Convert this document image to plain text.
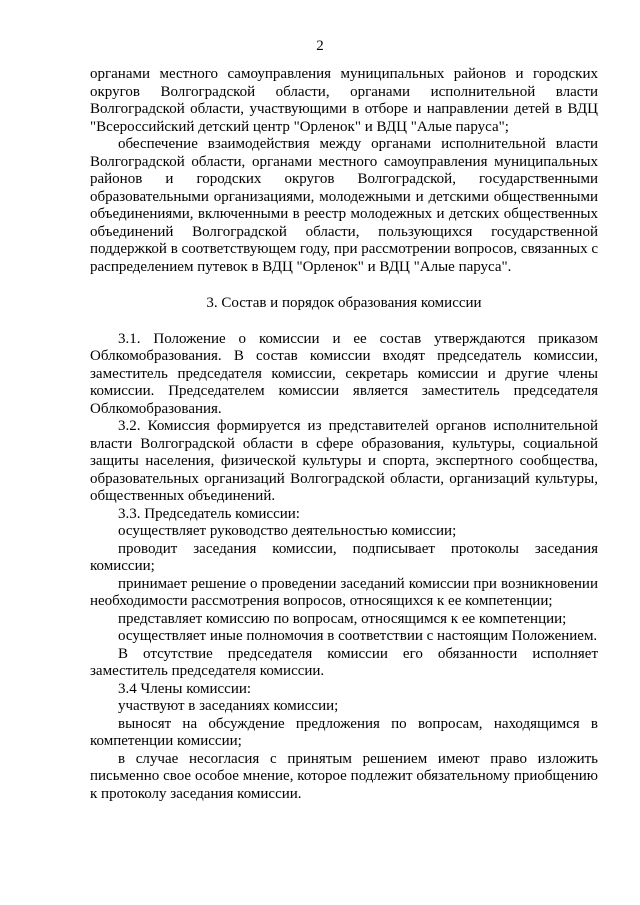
2

органами местного самоуправления муниципальных районов и городских округов Волгоградской области, органами исполнительной власти Волгоградской области, участвующими в отборе и направлении детей в ВДЦ "Всероссийский детский центр "Орленок" и ВДЦ "Алые паруса";

обеспечение взаимодействия между органами исполнительной власти Волгоградской области, органами местного самоуправления муниципальных районов и городских округов Волгоградской, государственными образовательными организациями, молодежными и детскими общественными объединениями, включенными в реестр молодежных и детских общественных объединений Волгоградской области, пользующихся государственной поддержкой в соответствующем году, при рассмотрении вопросов, связанных с распределением путевок в ВДЦ "Орленок" и ВДЦ "Алые паруса".

3. Состав и порядок образования комиссии

3.1. Положение о комиссии и ее состав утверждаются приказом Облкомобразования. В состав комиссии входят председатель комиссии, заместитель председателя комиссии, секретарь комиссии и другие члены комиссии. Председателем комиссии является заместитель председателя Облкомобразования.

3.2. Комиссия формируется из представителей органов исполнительной власти Волгоградской области в сфере образования, культуры, социальной защиты населения, физической культуры и спорта, экспертного сообщества, образовательных организаций Волгоградской области, организаций культуры, общественных объединений.

3.3. Председатель комиссии:

осуществляет руководство деятельностью комиссии;

проводит заседания комиссии, подписывает протоколы заседания комиссии;

принимает решение о проведении заседаний комиссии при возникновении необходимости рассмотрения вопросов, относящихся к ее компетенции;

представляет комиссию по вопросам, относящимся к ее компетенции;

осуществляет иные полномочия в соответствии с настоящим Положением.

В отсутствие председателя комиссии его обязанности исполняет заместитель председателя комиссии.

3.4 Члены комиссии:

участвуют в заседаниях комиссии;

выносят на обсуждение предложения по вопросам, находящимся в компетенции комиссии;

в случае несогласия с принятым решением имеют право изложить письменно свое особое мнение, которое подлежит обязательному приобщению к протоколу заседания комиссии.
